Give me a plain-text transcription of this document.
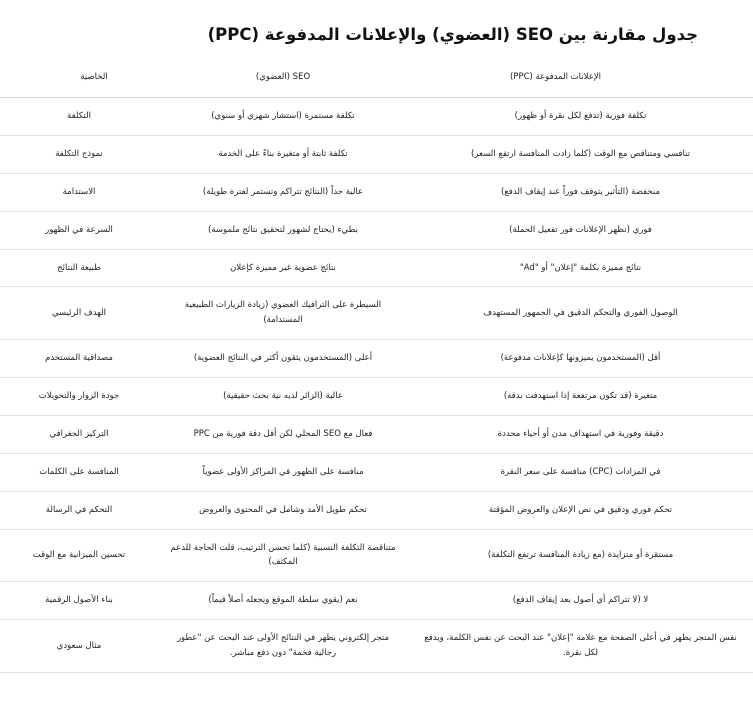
جدول مقارنة بين SEO (العضوي) والإعلانات المدفوعة (PPC)
الإعلانات المدفوعة (PPC)	SEO (العضوي)	الخاصية
تكلفة فورية (تدفع لكل نقرة أو ظهور)	تكلفة مستمرة (استشار شهري أو سنوي)	التكلفة
تنافسي ومتناقص مع الوقت (كلما زادت المنافسة ارتفع السعر)	تكلفة ثابتة أو متغيرة بناءً على الخدمة	نموذج التكلفة
منخفضة (التأثير يتوقف فوراً عند إيقاف الدفع)	عالية جداً (النتائج تتراكم وتستمر لفترة طويلة)	الاستدامة
فوري (تظهر الإعلانات فور تفعيل الحملة)	بطيء (يحتاج لشهور لتحقيق نتائج ملموسة)	السرعة في الظهور
نتائج مميزة بكلمة "إعلان" أو "Ad"	نتائج عضوية غير مميزة كإعلان	طبيعة النتائج
الوصول الفوري والتحكم الدقيق في الجمهور المستهدف	السيطرة على الترافيك العضوي (زيادة الزيارات الطبيعية المستدامة)	الهدف الرئيسي
أقل (المستخدمون يميزونها كإعلانات مدفوعة)	أعلى (المستخدمون يثقون أكثر في النتائج العضوية)	مصداقية المستخدم
متغيرة (قد تكون مرتفعة إذا استهدفت بدقة)	عالية (الزائر لديه نية بحث حقيقية)	جودة الزوار والتحويلات
دقيقة وفورية في استهداف مدن أو أحياء محددة	فعال مع SEO المحلي لكن أقل دقة فورية من PPC	التركيز الجغرافي
في المزادات (CPC) منافسة على سعر النقرة	منافسة على الظهور في المراكز الأولى عضوياً	المنافسة على الكلمات
تحكم فوري ودقيق في نص الإعلان والعروض المؤقتة	تحكم طويل الأمد وشامل في المحتوى والعروض	التحكم في الرسالة
مستقرة أو متزايدة (مع زيادة المنافسة ترتفع التكلفة)	متناقصة التكلفة النسبية (كلما تحسن الترتيب، قلت الحاجة للدعم المكثف)	تحسين الميزانية مع الوقت
لا (لا تتراكم أي أصول بعد إيقاف الدفع)	نعم (يقوي سلطة الموقع ويجعله أصلاً قيماً)	بناء الأصول الرقمية
نفس المتجر يظهر في أعلى الصفحة مع علامة "إعلان" عند البحث عن نفس الكلمة، ويدفع لكل نقرة.	متجر إلكتروني يظهر في النتائج الأولى عند البحث عن "عطور رجالية فخمة" دون دفع مباشر.	مثال سعودي
